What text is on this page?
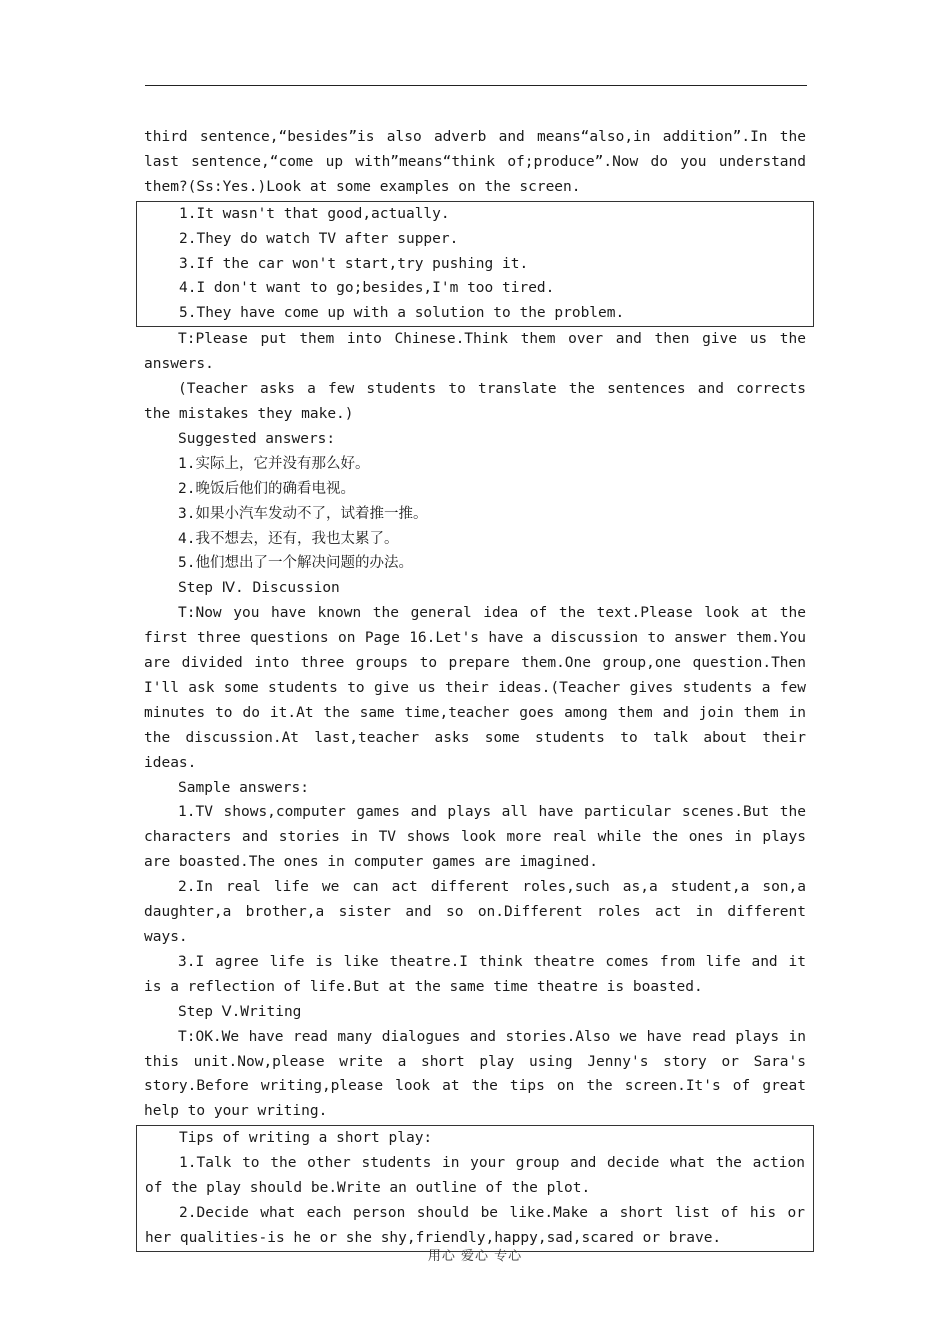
third sentence,“besides”is also adverb and means“also,in addition”.In the last sentence,“come up with”means“think of;produce”.Now do you understand them?(Ss:Yes.)Look at some examples on the screen.
1.It wasn't that good,actually.
2.They do watch TV after supper.
3.If the car won't start,try pushing it.
4.I don't want to go;besides,I'm too tired.
5.They have come up with a solution to the problem.
T:Please put them into Chinese.Think them over and then give us the answers.
(Teacher asks a few students to translate the sentences and corrects the mistakes they make.)
Suggested answers:
1.实际上，它并没有那么好。
2.晚饭后他们的确看电视。
3.如果小汽车发动不了，试着推一推。
4.我不想去，还有，我也太累了。
5.他们想出了一个解决问题的办法。
Step Ⅳ. Discussion
T:Now you have known the general idea of the text.Please look at the first three questions on Page 16.Let's have a discussion to answer them.You are divided into three groups to prepare them.One group,one question.Then I'll ask some students to give us their ideas.(Teacher gives students a few minutes to do it.At the same time,teacher goes among them and join them in the discussion.At last,teacher asks some students to talk about their ideas.
Sample answers:
1.TV shows,computer games and plays all have particular scenes.But the characters and stories in TV shows look more real while the ones in plays are boasted.The ones in computer games are imagined.
2.In real life we can act different roles,such as,a student,a son,a daughter,a brother,a sister and so on.Different roles act in different ways.
3.I agree life is like theatre.I think theatre comes from life and it is a reflection of life.But at the same time theatre is boasted.
Step Ⅴ.Writing
T:OK.We have read many dialogues and stories.Also we have read plays in this unit.Now,please write a short play using Jenny's story or Sara's story.Before writing,please look at the tips on the screen.It's of great help to your writing.
Tips of writing a short play:
1.Talk to the other students in your group and decide what the action of the play should be.Write an outline of the plot.
2.Decide what each person should be like.Make a short list of his or her qualities-is he or she shy,friendly,happy,sad,scared or brave.
用心 爱心 专心
